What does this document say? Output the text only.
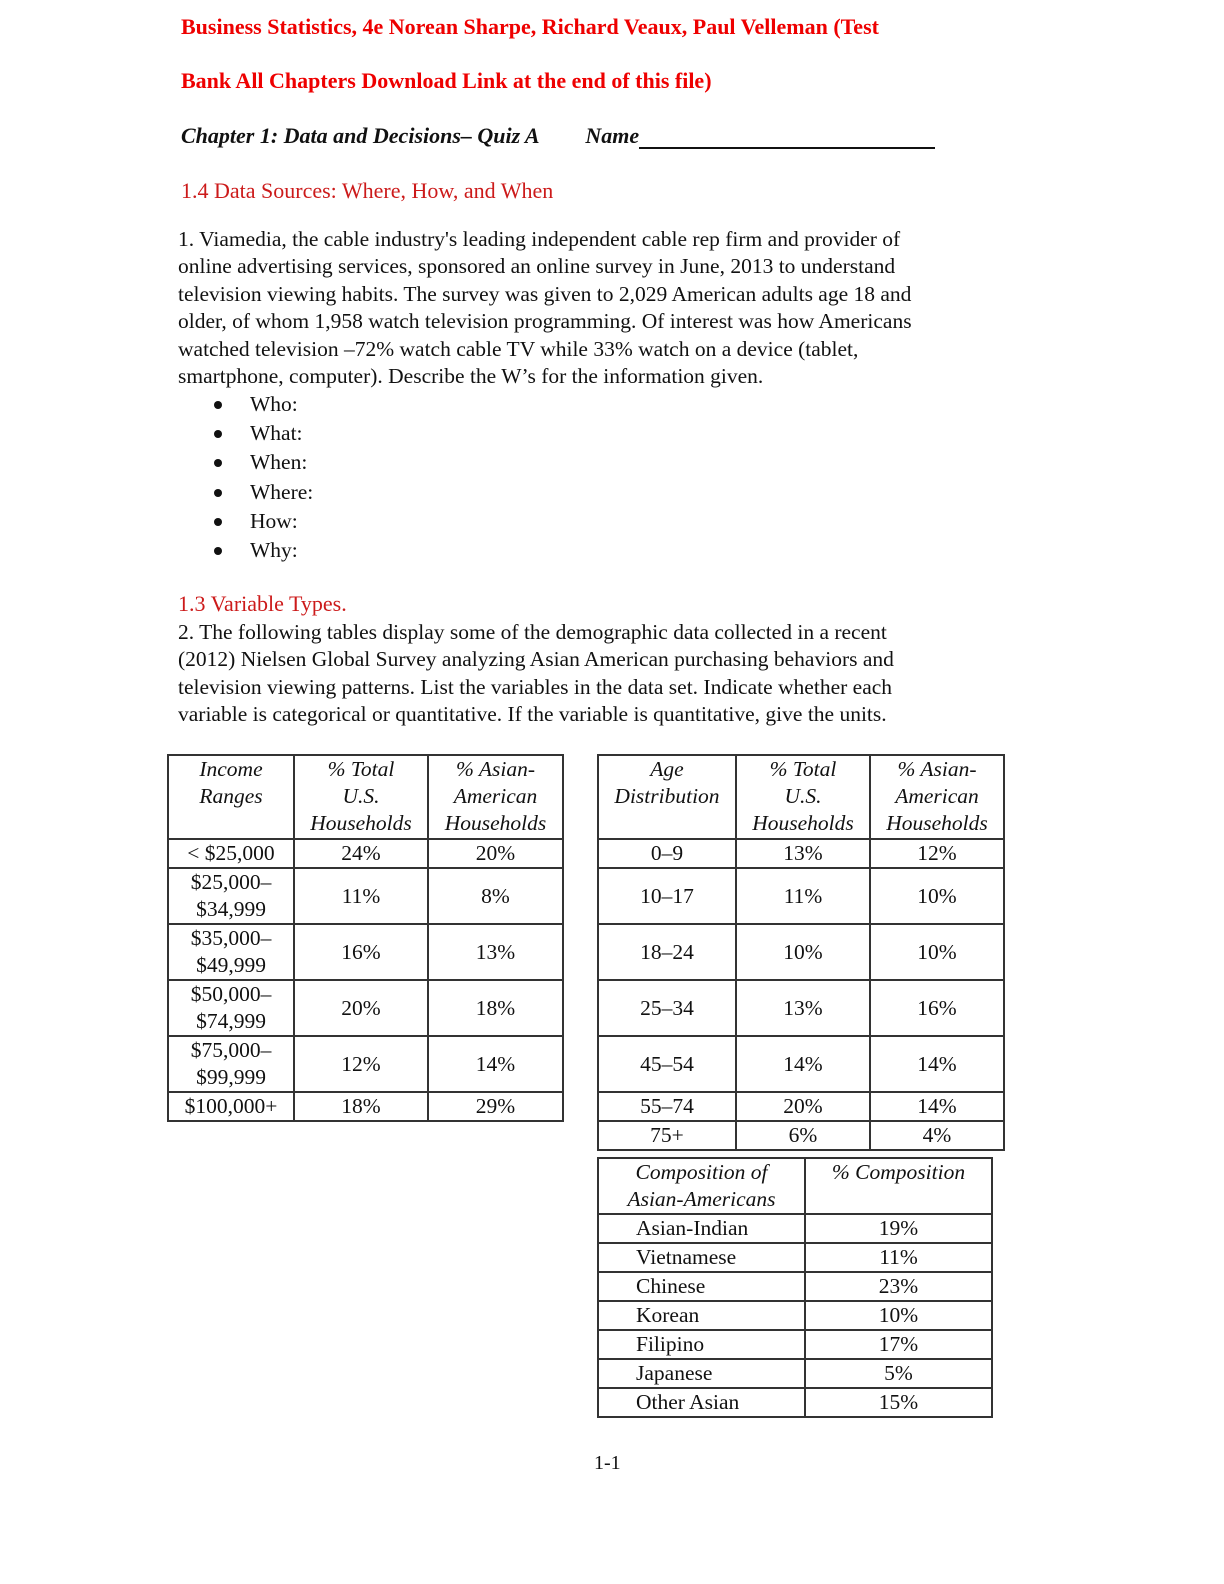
Business Statistics, 4e Norean Sharpe, Richard Veaux, Paul Velleman (Test
Bank All Chapters Download Link at the end of this file)
Chapter 1: Data and Decisions– Quiz A Name
1.4 Data Sources: Where, How, and When
1. Viamedia, the cable industry's leading independent cable rep firm and provider of
online advertising services, sponsored an online survey in June, 2013 to understand
television viewing habits. The survey was given to 2,029 American adults age 18 and
older, of whom 1,958 watch television programming. Of interest was how Americans
watched television –72% watch cable TV while 33% watch on a device (tablet,
smartphone, computer). Describe the W’s for the information given.
Who:
What:
When:
Where:
How:
Why:
1.3 Variable Types.
2. The following tables display some of the demographic data collected in a recent
(2012) Nielsen Global Survey analyzing Asian American purchasing behaviors and
television viewing patterns. List the variables in the data set. Indicate whether each
variable is categorical or quantitative. If the variable is quantitative, give the units.
Income
Ranges

% Total
U.S.
Households

% Asian-
American
Households

< $25,000	24%	20%

$25,000–
$34,999	11%	8%

$35,000–
$49,999	16%	13%

$50,000–
$74,999	20%	18%

$75,000–
$99,999	12%	14%
$100,000+	18%	29%
Age
Distribution

% Total
U.S.
Households

% Asian-
American
Households

0–9	13%	12%
10–17	11%	10%
18–24	10%	10%
25–34	13%	16%
45–54	14%	14%
55–74	20%	14%
75+	6%	4%
Composition of
Asian-Americans	% Composition

Asian-Indian	19%
Vietnamese	11%
Chinese	23%
Korean	10%
Filipino	17%
Japanese	5%
Other Asian	15%
1-1
